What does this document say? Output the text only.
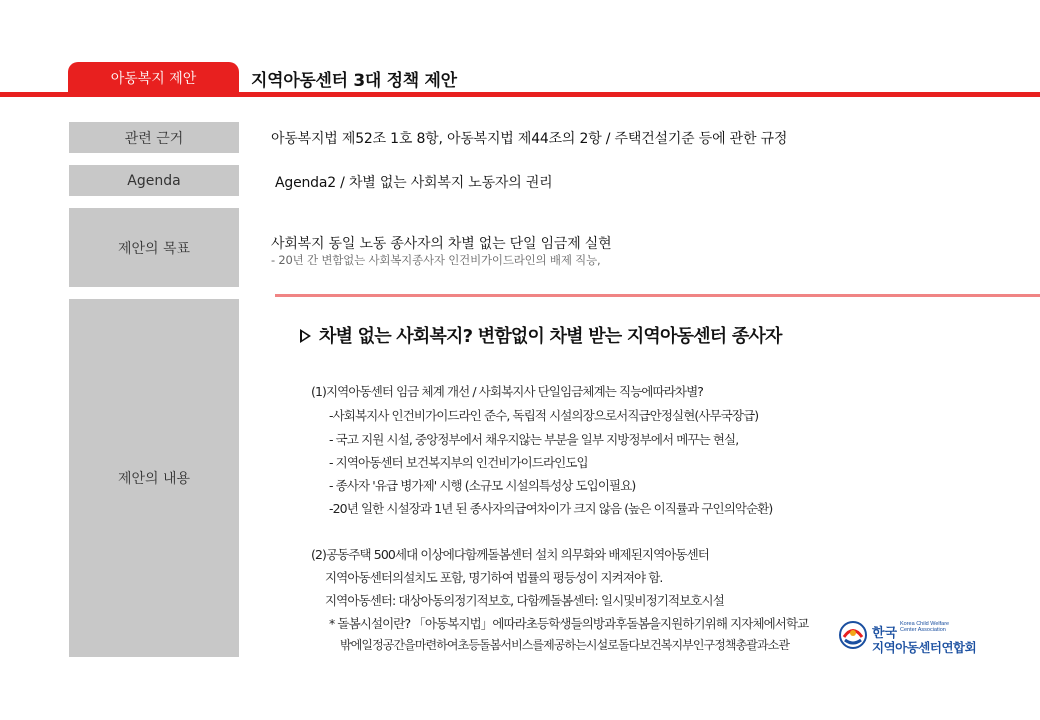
아동복지 제안	지역아동센터 3대 정책 제안
관련 근거	아동복지법 제52조 1호 8항, 아동복지법 제44조의 2항 / 주택건설기준 등에 관한 규정
Agenda	Agenda2 / 차별 없는 사회복지 노동자의 권리
제안의 목표	사회복지 동일 노동 종사자의 차별 없는 단일 임금제 실현
- 20년 간 변함없는 사회복지종사자 인건비가이드라인의 배제 직능,
제안의 내용
차별 없는 사회복지? 변함없이 차별 받는 지역아동센터 종사자
(1)지역아동센터 임금 체계 개선 / 사회복지사 단일임금체계는 직능에따라차별?
-사회복지사 인건비가이드라인 준수, 독립적 시설의장으로서직급안정실현(사무국장급)
- 국고 지원 시설, 중앙정부에서 채우지않는 부분을 일부 지방정부에서 메꾸는 현실,
- 지역아동센터 보건복지부의 인건비가이드라인도입
- 종사자 '유급 병가제' 시행 (소규모 시설의특성상 도입이필요)
-20년 일한 시설장과 1년 된 종사자의급여차이가 크지 않음 (높은 이직률과 구인의악순환)
(2)공동주택 500세대 이상에다함께돌봄센터 설치 의무화와 배제된지역아동센터
지역아동센터의설치도 포함, 명기하여 법률의 평등성이 지켜져야 함.
지역아동센터: 대상아동의정기적보호, 다함께돌봄센터: 일시및비정기적보호시설
* 돌봄시설이란? 「아동복지법」에따라초등학생들의방과후돌봄을지원하기위해 지자체에서학교
밖에일정공간을마련하여초등돌봄서비스를제공하는시설로돌다보건복지부인구정책총괄과소관
한국
Korea Child Welfare Center Association
지역아동센터연합회
